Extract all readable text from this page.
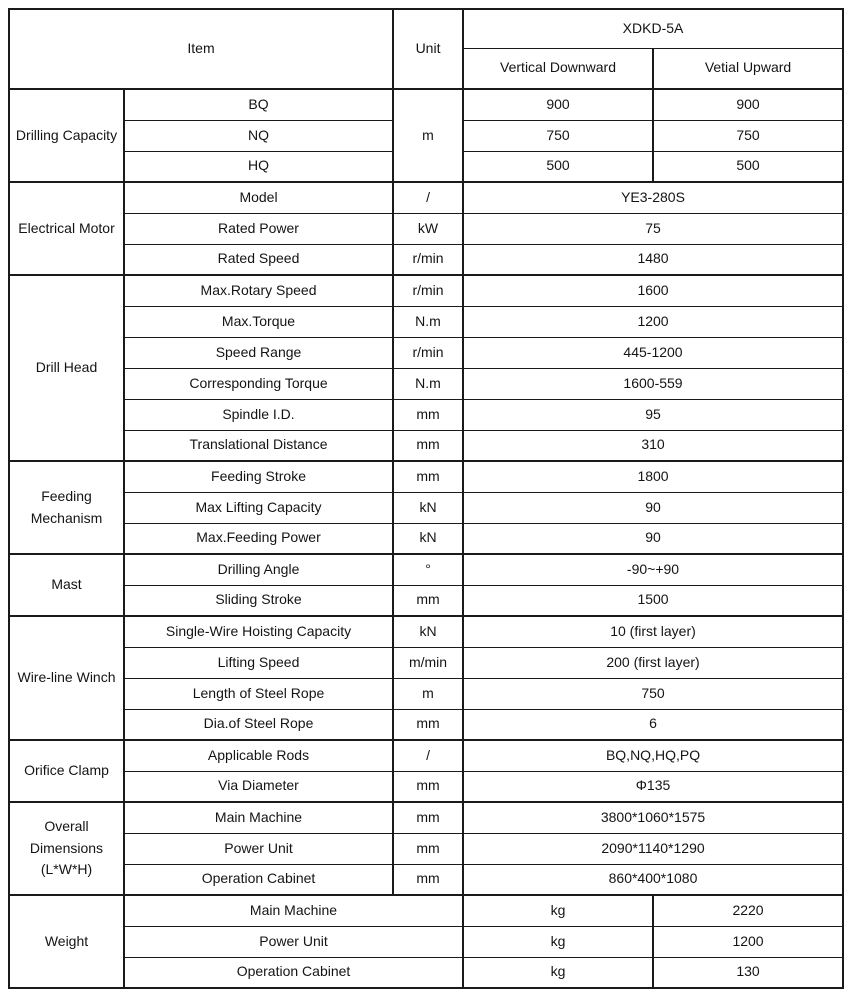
Item		Unit	XDKD-5A	
			Vertical Downward	Vetial Upward
Drilling Capacity	BQ	m	900	900
	NQ		750	750
	HQ		500	500
Electrical Motor	Model	/	YE3-280S	
	Rated Power	kW	75	
	Rated Speed	r/min	1480	
Drill Head	Max.Rotary Speed	r/min	1600	
	Max.Torque	N.m	1200	
	Speed Range	r/min	445-1200	
	Corresponding Torque	N.m	1600-559	
	Spindle I.D.	mm	95	
	Translational Distance	mm	310	
Feeding Mechanism	Feeding Stroke	mm	1800	
	Max Lifting Capacity	kN	90	
	Max.Feeding Power	kN	90	
Mast	Drilling Angle	°	-90~+90	
	Sliding Stroke	mm	1500	
Wire-line Winch	Single-Wire Hoisting Capacity	kN	10 (first layer)	
	Lifting Speed	m/min	200 (first layer)	
	Length of Steel Rope	m	750	
	Dia.of Steel Rope	mm	6	
Orifice Clamp	Applicable Rods	/	BQ,NQ,HQ,PQ	
	Via Diameter	mm	Φ135	
Overall Dimensions (L*W*H)	Main Machine	mm	3800*1060*1575	
	Power Unit	mm	2090*1140*1290	
	Operation Cabinet	mm	860*400*1080	
Weight	Main Machine		kg	2220
	Power Unit		kg	1200
	Operation Cabinet		kg	130
